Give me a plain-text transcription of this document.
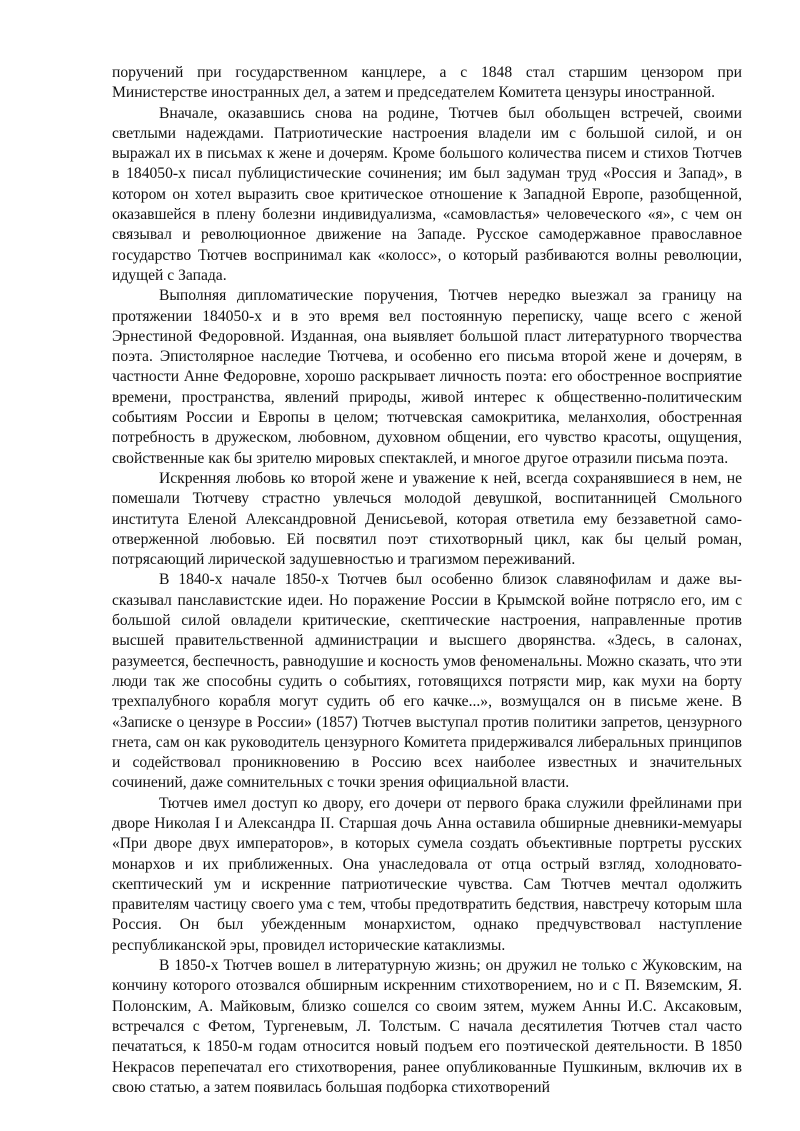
поручений при государственном канцлере, а с 1848 стал старшим цензором при Министерстве иностранных дел, а затем и председателем Комитета цензуры иностранной.

Вначале, оказавшись снова на родине, Тютчев был обольщен встречей, своими светлыми надеждами. Патриотические настроения владели им с большой силой, и он выражал их в письмах к жене и дочерям. Кроме большого количества писем и стихов Тютчев в 184050-х писал публицистические сочинения; им был задуман труд «Россия и Запад», в котором он хотел выразить свое критическое отношение к Западной Европе, разобщенной, оказавшейся в плену болезни индивидуализма, «самовластья» человеческого «я», с чем он связывал и революционное движение на Западе. Русское самодержавное православное государство Тютчев воспринимал как «колосс», о который разбиваются волны революции, идущей с Запада.

Выполняя дипломатические поручения, Тютчев нередко выезжал за границу на протяжении 184050-х и в это время вел постоянную переписку, чаще всего с женой Эрнестиной Федоровной. Изданная, она выявляет большой пласт литературного творчества поэта. Эпистолярное наследие Тютчева, и особенно его письма второй жене и дочерям, в частности Анне Федоровне, хорошо раскрывает личность поэта: его обостренное восприятие времени, пространства, явлений природы, живой интерес к общественно-политическим событиям России и Европы в целом; тютчевская самокритика, меланхолия, обостренная потребность в дружеском, любовном, духовном общении, его чувство красоты, ощущения, свойственные как бы зрителю мировых спектаклей, и многое другое отразили письма поэта.

Искренняя любовь ко второй жене и уважение к ней, всегда сохранявшиеся в нем, не помешали Тютчеву страстно увлечься молодой девушкой, воспитанницей Смольного института Еленой Александровной Денисьевой, которая ответила ему беззаветной само-отверженной любовью. Ей посвятил поэт стихотворный цикл, как бы целый роман, потрясающий лирической задушевностью и трагизмом переживаний.

В 1840-х начале 1850-х Тютчев был особенно близок славянофилам и даже вы-сказывал панславистские идеи. Но поражение России в Крымской войне потрясло его, им с большой силой овладели критические, скептические настроения, направленные против высшей правительственной администрации и высшего дворянства. «Здесь, в салонах, разумеется, беспечность, равнодушие и косность умов феноменальны. Можно сказать, что эти люди так же способны судить о событиях, готовящихся потрясти мир, как мухи на борту трехпалубного корабля могут судить об его качке...», возмущался он в письме жене. В «Записке о цензуре в России» (1857) Тютчев выступал против политики запретов, цензурного гнета, сам он как руководитель цензурного Комитета придерживался либеральных принципов и содействовал проникновению в Россию всех наиболее известных и значительных сочинений, даже сомнительных с точки зрения официальной власти.

Тютчев имел доступ ко двору, его дочери от первого брака служили фрейлинами при дворе Николая I и Александра II. Старшая дочь Анна оставила обширные дневники-мемуары «При дворе двух императоров», в которых сумела создать объективные портреты русских монархов и их приближенных. Она унаследовала от отца острый взгляд, холодновато-скептический ум и искренние патриотические чувства. Сам Тютчев мечтал одолжить правителям частицу своего ума с тем, чтобы предотвратить бедствия, навстречу которым шла Россия. Он был убежденным монархистом, однако предчувствовал наступление республиканской эры, провидел исторические катаклизмы.

В 1850-х Тютчев вошел в литературную жизнь; он дружил не только с Жуковским, на кончину которого отозвался обширным искренним стихотворением, но и с П. Вяземским, Я. Полонским, А. Майковым, близко сошелся со своим зятем, мужем Анны И.С. Аксаковым, встречался с Фетом, Тургеневым, Л. Толстым. С начала десятилетия Тютчев стал часто печататься, к 1850-м годам относится новый подъем его поэтической деятельности. В 1850 Некрасов перепечатал его стихотворения, ранее опубликованные Пушкиным, включив их в свою статью, а затем появилась большая подборка стихотворений
